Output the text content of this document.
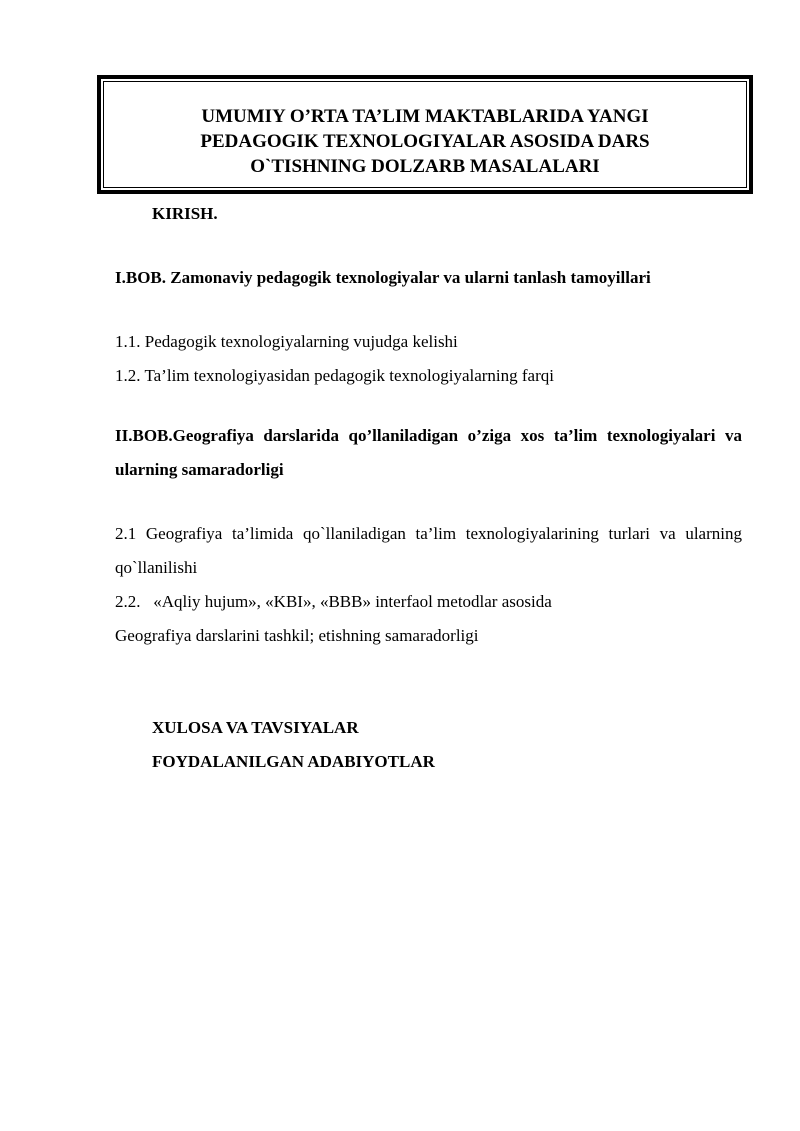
UMUMIY O’RTA TA’LIM MAKTABLARIDA YANGI
PEDAGOGIK TEXNOLOGIYALAR ASOSIDA DARS
O`TISHNING DOLZARB MASALALARI

KIRISH.

I.BOB. Zamonaviy pedagogik texnologiyalar va ularni tanlash tamoyillari

1.1. Pedagogik texnologiyalarning vujudga kelishi

1.2. Ta’lim texnologiyasidan pedagogik texnologiyalarning farqi

II.BOB.Geografiya darslarida qo’llaniladigan o’ziga xos ta’lim texnologiyalari va ularning samaradorligi

2.1 Geografiya ta’limida qo`llaniladigan ta’lim texnologiyalarining turlari va ularning qo`llanilishi

2.2.   «Aqliy hujum», «KBI», «BBB» interfaol metodlar asosida

Geografiya darslarini tashkil; etishning samaradorligi

XULOSA VA TAVSIYALAR

FOYDALANILGAN ADABIYOTLAR
